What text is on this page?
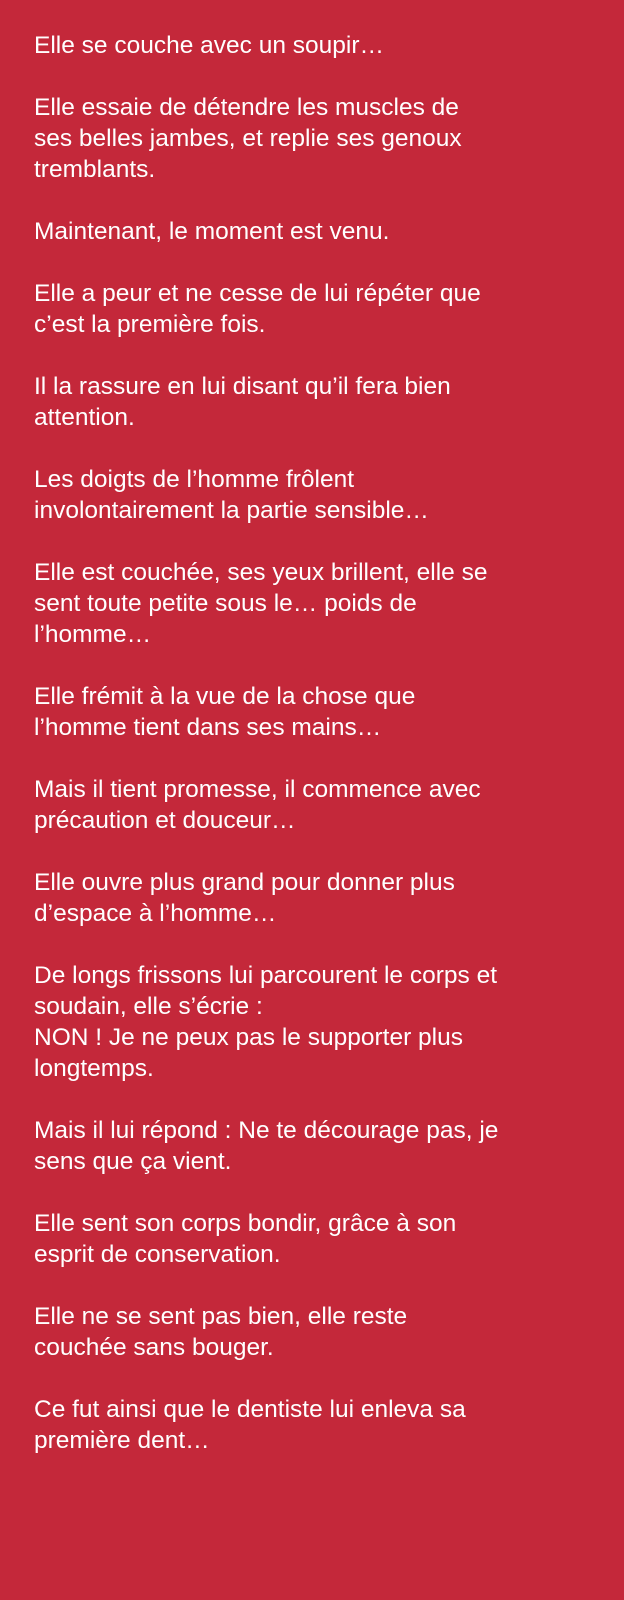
Elle se couche avec un soupir…
Elle essaie de détendre les muscles de
ses belles jambes, et replie ses genoux
tremblants.
Maintenant, le moment est venu.
Elle a peur et ne cesse de lui répéter que
c’est la première fois.
Il la rassure en lui disant qu’il fera bien
attention.
Les doigts de l’homme frôlent
involontairement la partie sensible…
Elle est couchée, ses yeux brillent, elle se
sent toute petite sous le… poids de
l’homme…
Elle frémit à la vue de la chose que
l’homme tient dans ses mains…
Mais il tient promesse, il commence avec
précaution et douceur…
Elle ouvre plus grand pour donner plus
d’espace à l’homme…
De longs frissons lui parcourent le corps et
soudain, elle s’écrie :
NON ! Je ne peux pas le supporter plus
longtemps.
Mais il lui répond : Ne te décourage pas, je
sens que ça vient.
Elle sent son corps bondir, grâce à son
esprit de conservation.
Elle ne se sent pas bien, elle reste
couchée sans bouger.
Ce fut ainsi que le dentiste lui enleva sa
première dent…
